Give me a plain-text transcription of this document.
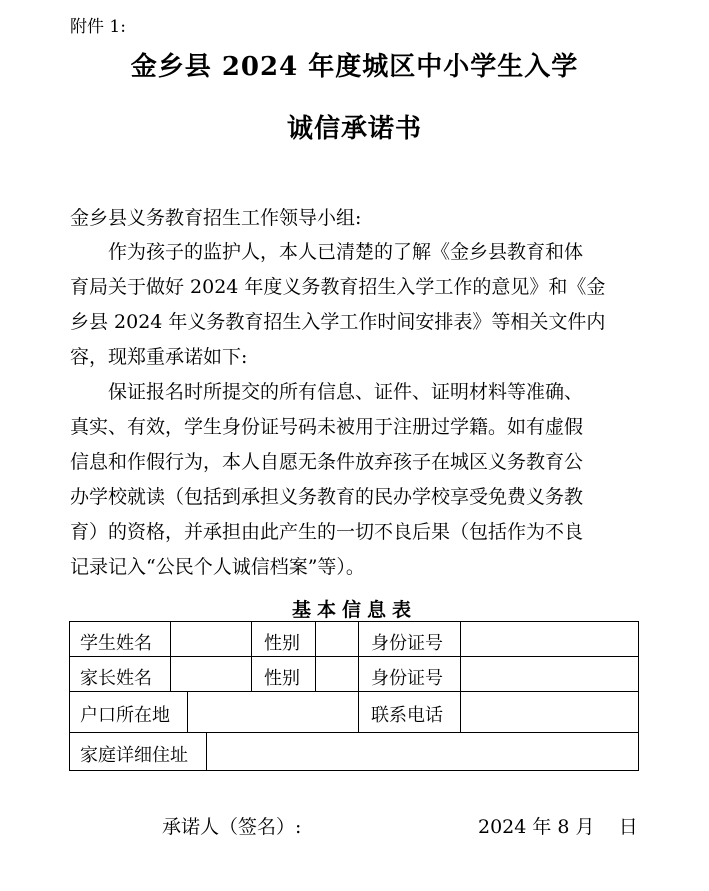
附件 1:
金乡县 2024 年度城区中小学生入学
诚信承诺书
金乡县义务教育招生工作领导小组:
作为孩子的监护人，本人已清楚的了解《金乡县教育和体
育局关于做好 2024 年度义务教育招生入学工作的意见》和《金
乡县 2024 年义务教育招生入学工作时间安排表》等相关文件内
容，现郑重承诺如下:
保证报名时所提交的所有信息、证件、证明材料等准确、
真实、有效，学生身份证号码未被用于注册过学籍。如有虚假
信息和作假行为，本人自愿无条件放弃孩子在城区义务教育公
办学校就读（包括到承担义务教育的民办学校享受免费义务教
育）的资格，并承担由此产生的一切不良后果（包括作为不良
记录记入“公民个人诚信档案”等）。
基本信息表
学生姓名	性别	身份证号
家长姓名	性别	身份证号
户口所在地	联系电话
家庭详细住址
承诺人（签名）:	2024 年 8 月    日
